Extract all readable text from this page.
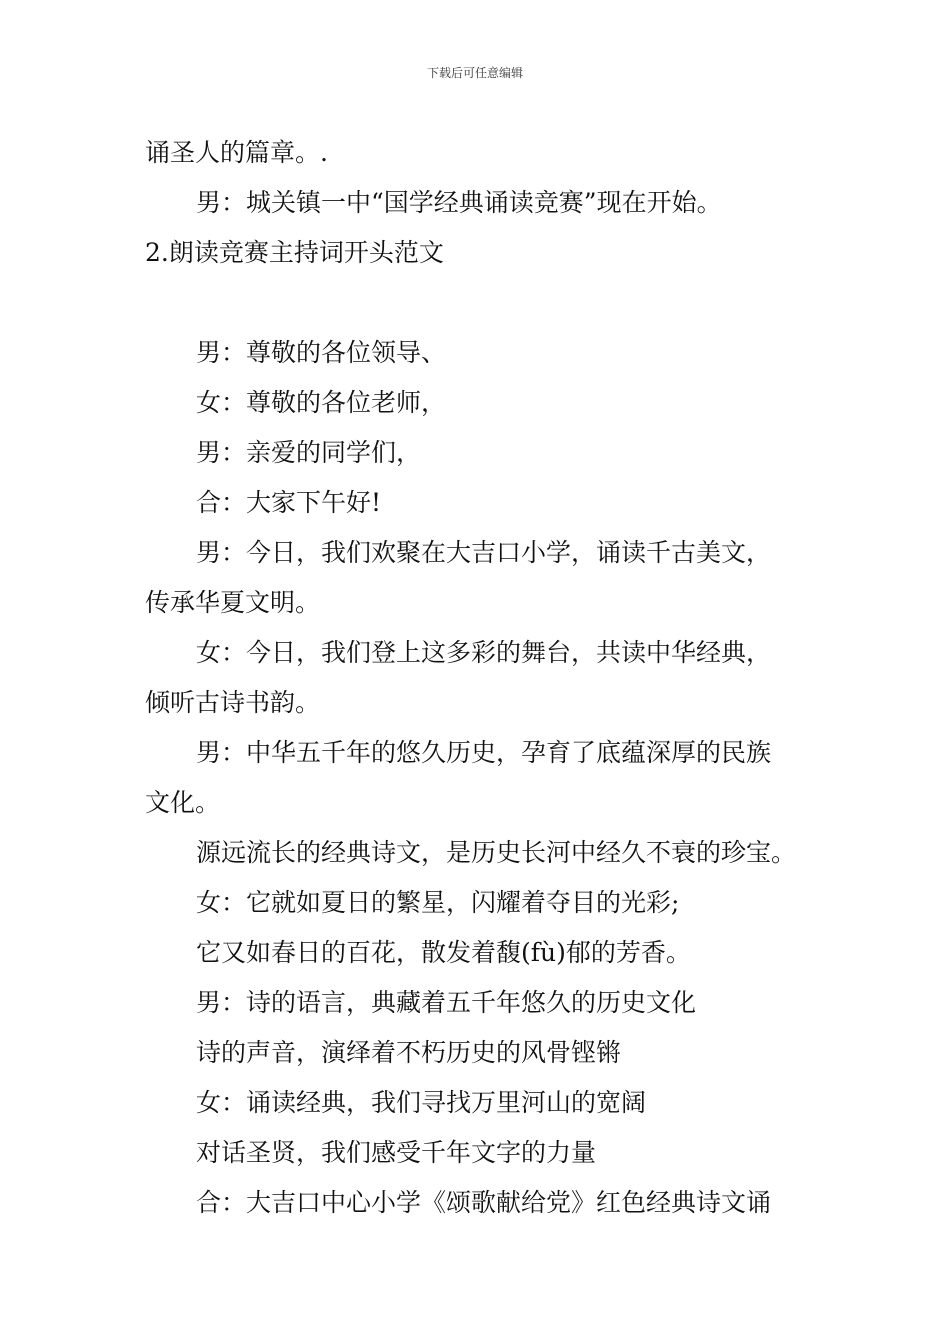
下载后可任意编辑
诵圣人的篇章。.
男：城关镇一中“国学经典诵读竞赛”现在开始。
2.朗读竞赛主持词开头范文
男：尊敬的各位领导、
女：尊敬的各位老师，
男：亲爱的同学们，
合：大家下午好!
男：今日，我们欢聚在大吉口小学，诵读千古美文，
传承华夏文明。
女：今日，我们登上这多彩的舞台，共读中华经典，
倾听古诗书韵。
男：中华五千年的悠久历史，孕育了底蕴深厚的民族
文化。
源远流长的经典诗文，是历史长河中经久不衰的珍宝。
女：它就如夏日的繁星，闪耀着夺目的光彩;
它又如春日的百花，散发着馥(fù)郁的芳香。
男：诗的语言，典藏着五千年悠久的历史文化
诗的声音，演绎着不朽历史的风骨铿锵
女：诵读经典，我们寻找万里河山的宽阔
对话圣贤，我们感受千年文字的力量
合：大吉口中心小学《颂歌献给党》红色经典诗文诵
